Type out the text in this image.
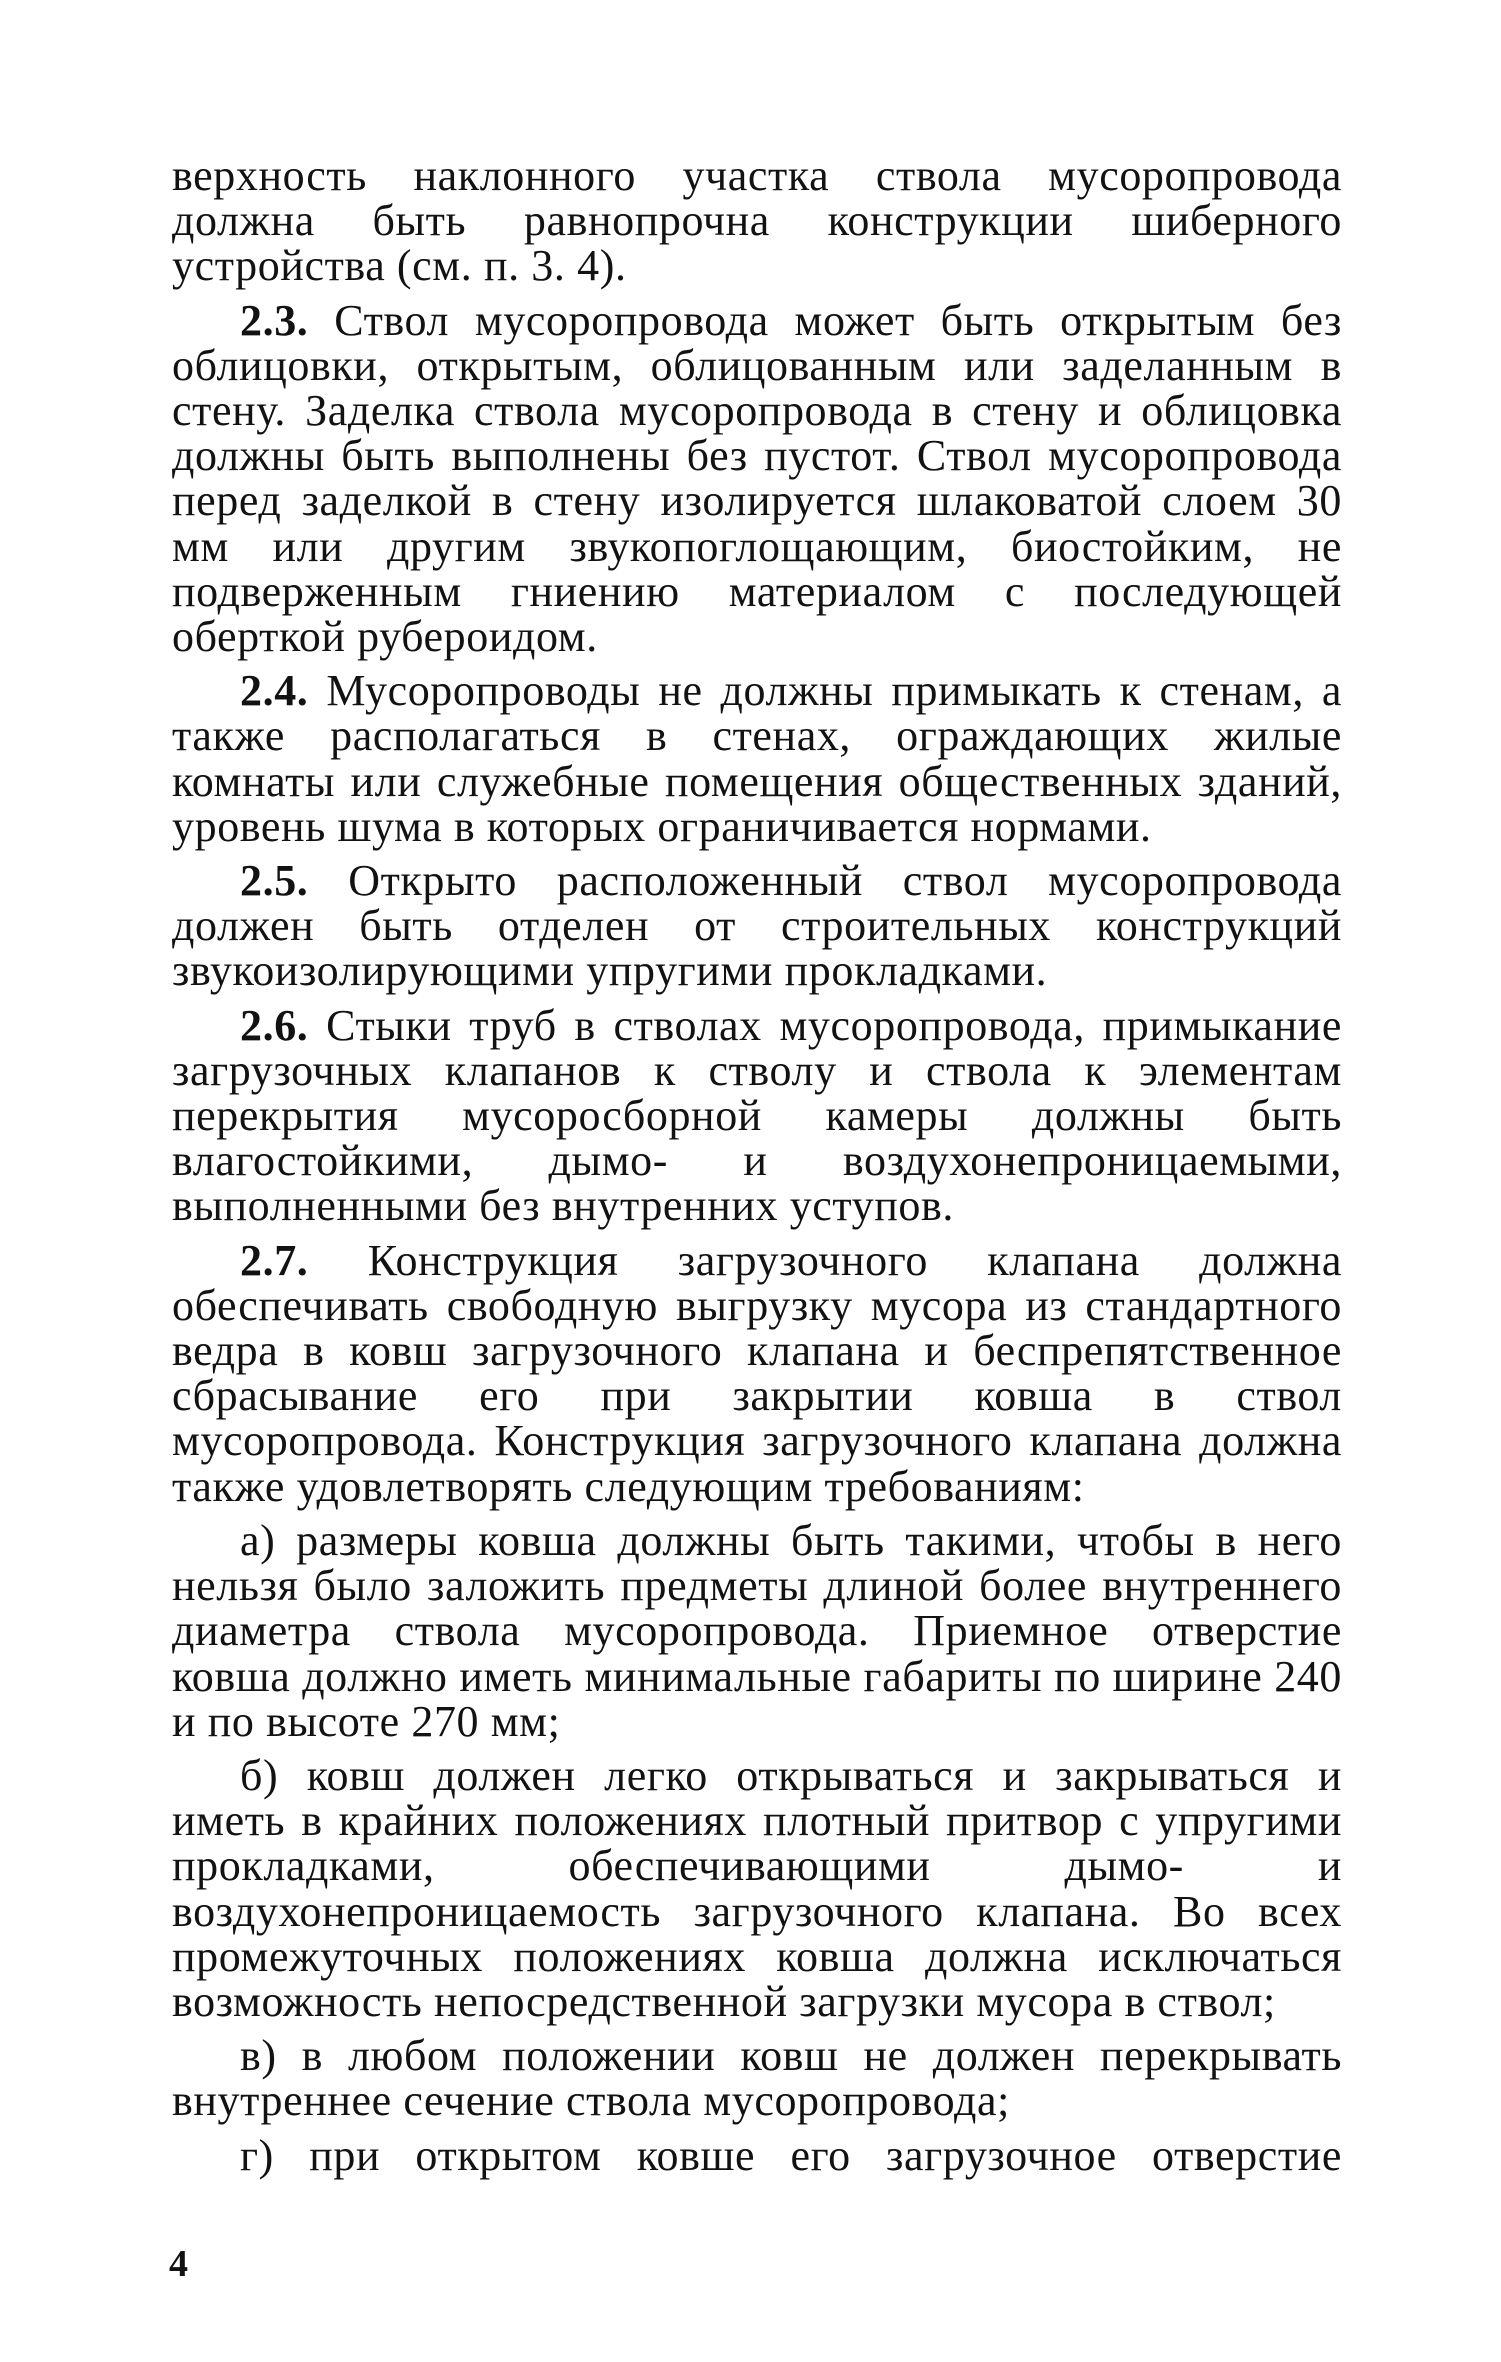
верхность наклонного участка ствола мусоропровода должна быть равнопрочна конструкции шиберного устройства (см. п. 3. 4).

2.3. Ствол мусоропровода может быть открытым без облицовки, открытым, облицованным или заделанным в стену. Заделка ствола мусоропровода в стену и облицовка должны быть выполнены без пустот. Ствол мусоропровода перед заделкой в стену изолируется шлаковатой слоем 30 мм или другим звукопоглощающим, биостойким, не подверженным гниению материалом с последующей оберткой рубероидом.

2.4. Мусоропроводы не должны примыкать к стенам, а также располагаться в стенах, ограждающих жилые комнаты или служебные помещения общественных зданий, уровень шума в которых ограничивается нормами.

2.5. Открыто расположенный ствол мусоропровода должен быть отделен от строительных конструкций звукоизолирующими упругими прокладками.

2.6. Стыки труб в стволах мусоропровода, примыкание загрузочных клапанов к стволу и ствола к элементам перекрытия мусоросборной камеры должны быть влагостойкими, дымо- и воздухонепроницаемыми, выполненными без внутренних уступов.

2.7. Конструкция загрузочного клапана должна обеспечивать свободную выгрузку мусора из стандартного ведра в ковш загрузочного клапана и беспрепятственное сбрасывание его при закрытии ковша в ствол мусоропровода. Конструкция загрузочного клапана должна также удовлетворять следующим требованиям:

а) размеры ковша должны быть такими, чтобы в него нельзя было заложить предметы длиной более внутреннего диаметра ствола мусоропровода. Приемное отверстие ковша должно иметь минимальные габариты по ширине 240 и по высоте 270 мм;

б) ковш должен легко открываться и закрываться и иметь в крайних положениях плотный притвор с упругими прокладками, обеспечивающими дымо- и воздухонепроницаемость загрузочного клапана. Во всех промежуточных положениях ковша должна исключаться возможность непосредственной загрузки мусора в ствол;

в) в любом положении ковш не должен перекрывать внутреннее сечение ствола мусоропровода;

г) при открытом ковше его загрузочное отверстие

4
